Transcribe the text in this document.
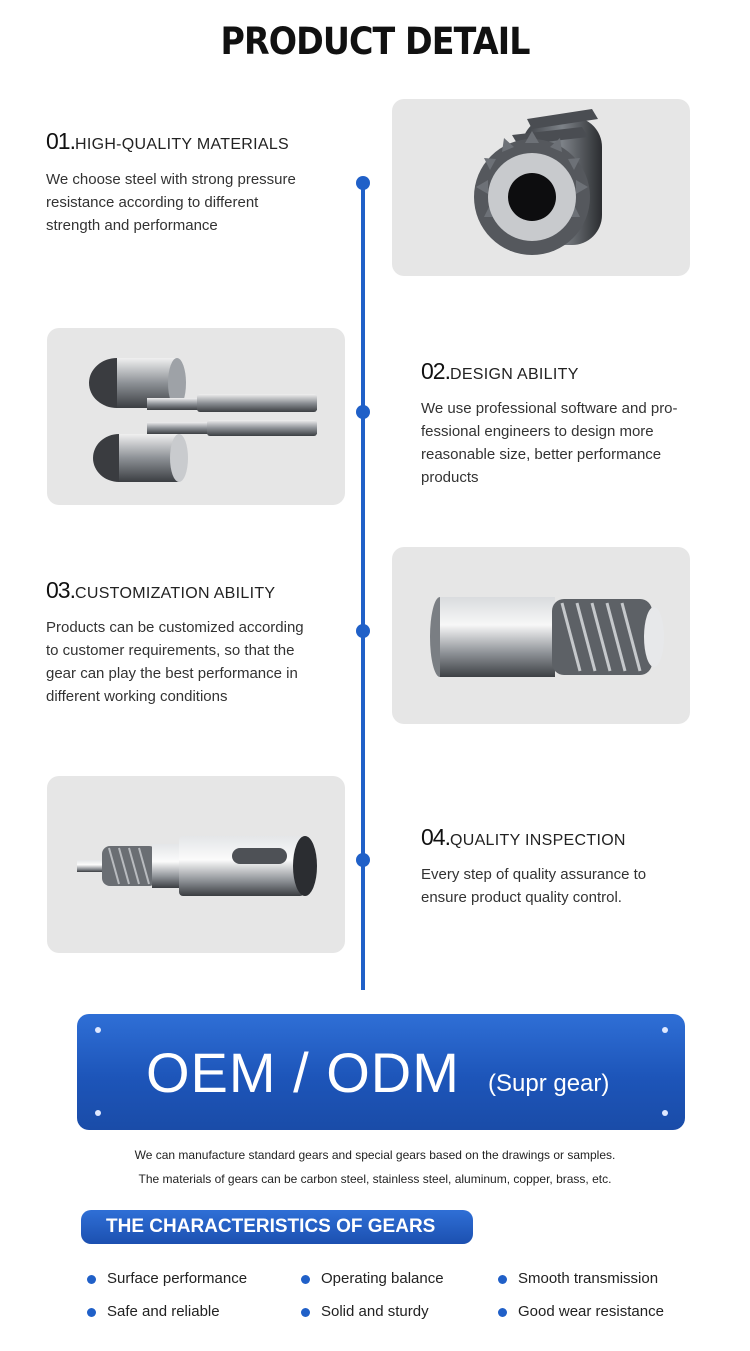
PRODUCT DETAIL
01.HIGH-QUALITY MATERIALS
We choose steel with strong pressure
resistance according to different
strength and performance
02.DESIGN ABILITY
We use professional software and pro-
fessional engineers to design more
reasonable size, better performance
products
03.CUSTOMIZATION ABILITY
Products can be customized according
to customer requirements, so that the
gear can play the best performance in
different working conditions
04.QUALITY INSPECTION
Every step of quality assurance to
ensure product quality control.
OEM / ODM (Supr gear)
We can manufacture standard gears and special gears based on the drawings or samples.
The materials of gears can be carbon steel, stainless steel, aluminum, copper, brass, etc.
THE CHARACTERISTICS OF GEARS
Surface performance	Operating balance	Smooth transmission
Safe and reliable	Solid and sturdy	Good wear resistance
